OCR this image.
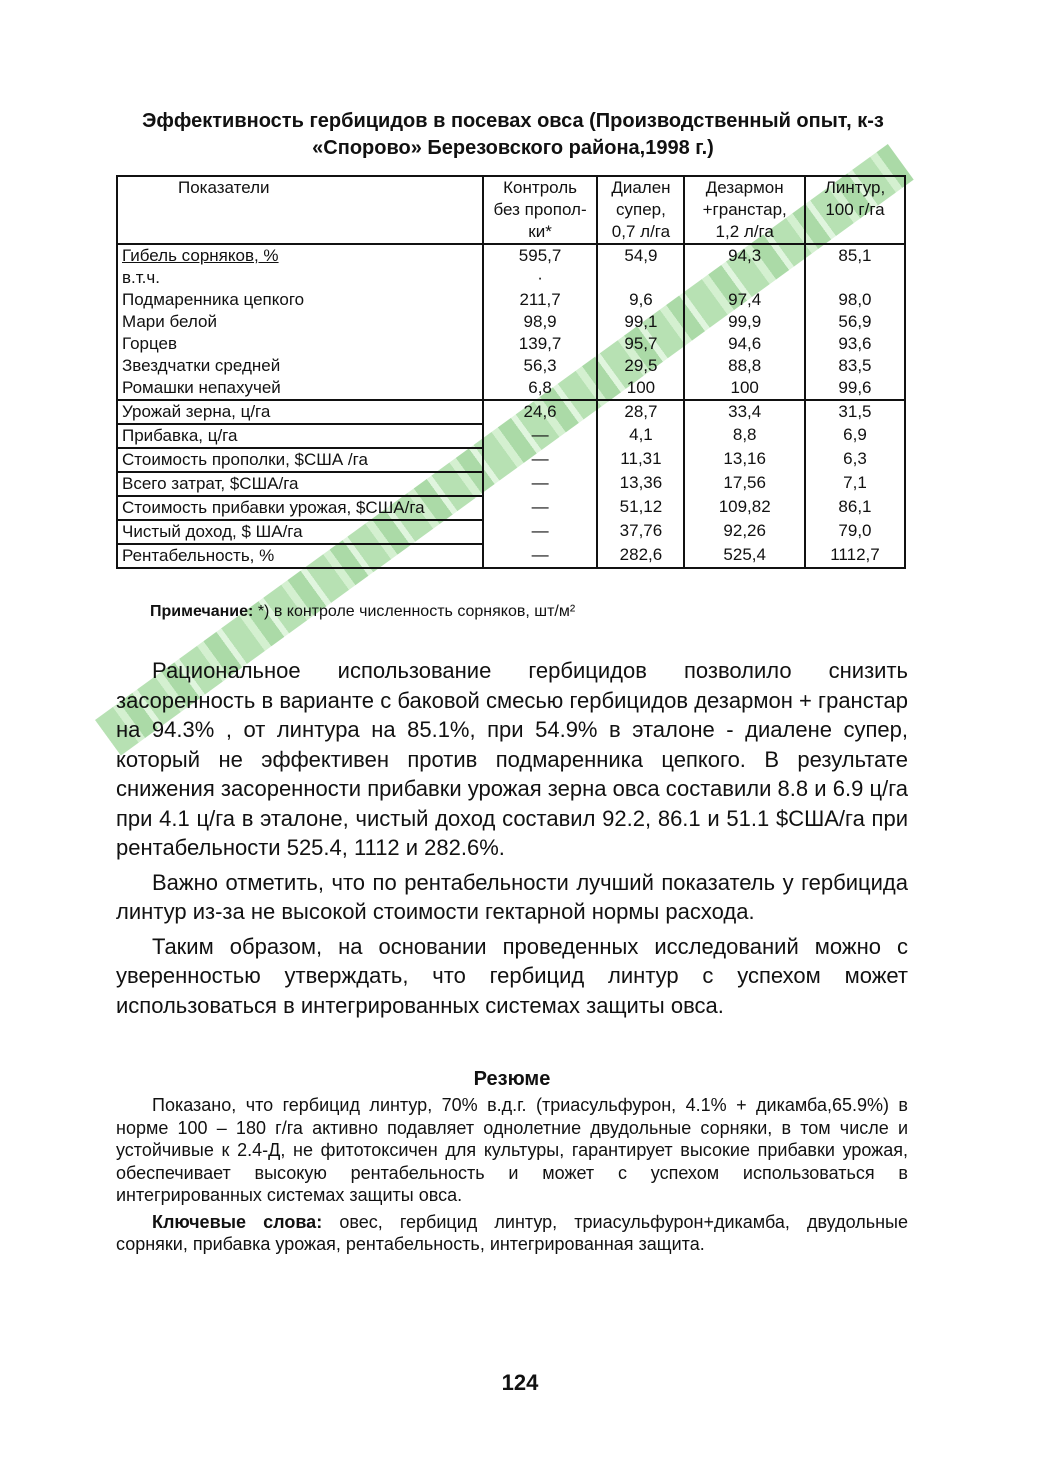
Эффективность гербицидов в посевах овса (Производственный опыт, к-з «Спорово» Березовского района,1998 г.)
Показатели	Контроль без пропол-ки*	Диален супер, 0,7 л/га	Дезармон +гранстар, 1,2 л/га	Линтур, 100 г/га
Гибель сорняков, %	595,7	54,9	94,3	85,1
в.т.ч.	·			
Подмаренника цепкого	211,7	9,6	97,4	98,0
Мари белой	98,9	99,1	99,9	56,9
Горцев	139,7	95,7	94,6	93,6
Звездчатки средней	56,3	29,5	88,8	83,5
Ромашки непахучей	6,8	100	100	99,6
Урожай зерна, ц/га	24,6	28,7	33,4	31,5
Прибавка, ц/га	—	4,1	8,8	6,9
Стоимость прополки, $США /га	—	11,31	13,16	6,3
Всего затрат, $США/га	—	13,36	17,56	7,1
Стоимость прибавки урожая, $США/га	—	51,12	109,82	86,1
Чистый доход, $ ША/га	—	37,76	92,26	79,0
Рентабельность, %	—	282,6	525,4	1112,7
Примечание: *) в контроле численность сорняков, шт/м²

Рациональное использование гербицидов позволило снизить засоренность в варианте с баковой смесью гербицидов дезармон + гранстар на 94.3% , от линтура на 85.1%, при 54.9% в эталоне - диалене супер, который не эффективен против подмаренника цепкого. В результате снижения засоренности прибавки урожая зерна овса составили 8.8 и 6.9 ц/га при 4.1 ц/га в эталоне, чистый доход составил 92.2, 86.1 и 51.1 $США/га при рентабельности 525.4, 1112 и 282.6%.

Важно отметить, что по рентабельности лучший показатель у гербицида линтур из-за не высокой стоимости гектарной нормы расхода.

Таким образом, на основании проведенных исследований можно с уверенностью утверждать, что гербицид линтур с успехом может использоваться в интегрированных системах защиты овса.

Резюме

Показано, что гербицид линтур, 70% в.д.г. (триасульфурон, 4.1% + дикамба,65.9%) в норме 100 – 180 г/га активно подавляет однолетние двудольные сорняки, в том числе и устойчивые к 2.4-Д, не фитотоксичен для культуры, гарантирует высокие прибавки урожая, обеспечивает высокую рентабельность и может с успехом использоваться в интегрированных системах защиты овса.

Ключевые слова: овес, гербицид линтур, триасульфурон+дикамба, двудольные сорняки, прибавка урожая, рентабельность, интегрированная защита.

124
